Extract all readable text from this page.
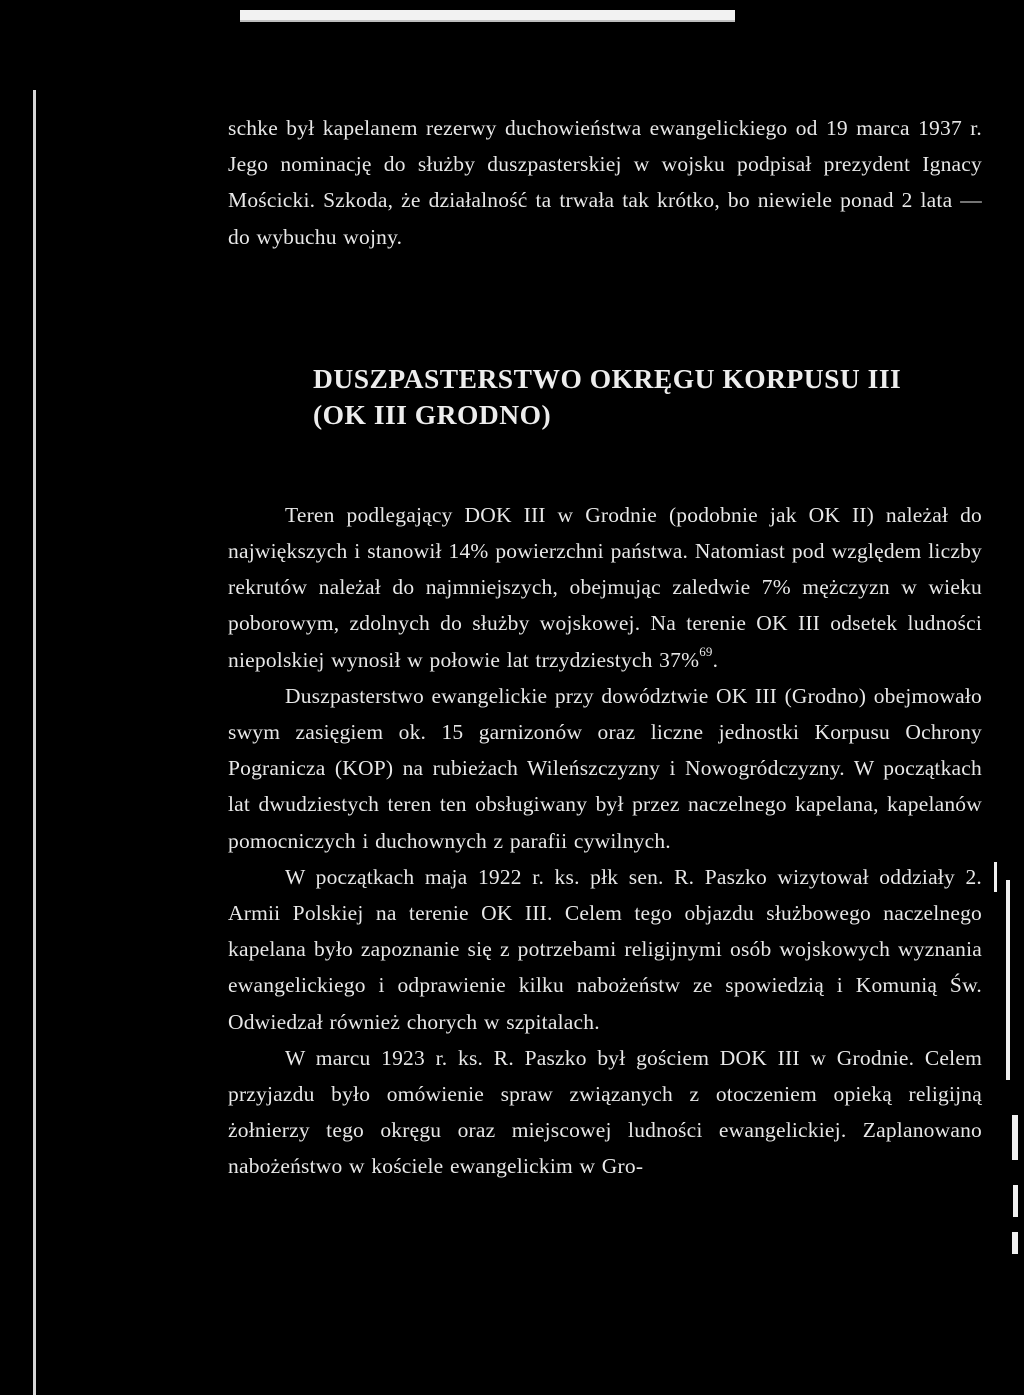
schke był kapelanem rezerwy duchowieństwa ewangelickiego od 19 marca 1937 r. Jego nominację do służby duszpasterskiej w wojsku podpisał prezydent Ignacy Mościcki. Szkoda, że działalność ta trwała tak krótko, bo niewiele ponad 2 lata — do wybuchu wojny.

DUSZPASTERSTWO OKRĘGU KORPUSU III
(OK III GRODNO)

Teren podlegający DOK III w Grodnie (podobnie jak OK II) należał do największych i stanowił 14% powierzchni państwa. Natomiast pod względem liczby rekrutów należał do najmniejszych, obejmując zaledwie 7% mężczyzn w wieku poborowym, zdolnych do służby wojskowej. Na terenie OK III odsetek ludności niepolskiej wynosił w połowie lat trzydziestych 37%$^{69}$.

Duszpasterstwo ewangelickie przy dowództwie OK III (Grodno) obejmowało swym zasięgiem ok. 15 garnizonów oraz liczne jednostki Korpusu Ochrony Pogranicza (KOP) na rubieżach Wileńszczyzny i Nowogródczyzny. W początkach lat dwudziestych teren ten obsługiwany był przez naczelnego kapelana, kapelanów pomocniczych i duchownych z parafii cywilnych.

W początkach maja 1922 r. ks. płk sen. R. Paszko wizytował oddziały 2. Armii Polskiej na terenie OK III. Celem tego objazdu służbowego naczelnego kapelana było zapoznanie się z potrzebami religijnymi osób wojskowych wyznania ewangelickiego i odprawienie kilku nabożeństw ze spowiedzią i Komunią Św. Odwiedzał również chorych w szpitalach.

W marcu 1923 r. ks. R. Paszko był gościem DOK III w Grodnie. Celem przyjazdu było omówienie spraw związanych z otoczeniem opieką religijną żołnierzy tego okręgu oraz miejscowej ludności ewangelickiej. Zaplanowano nabożeństwo w kościele ewangelickim w Gro-
